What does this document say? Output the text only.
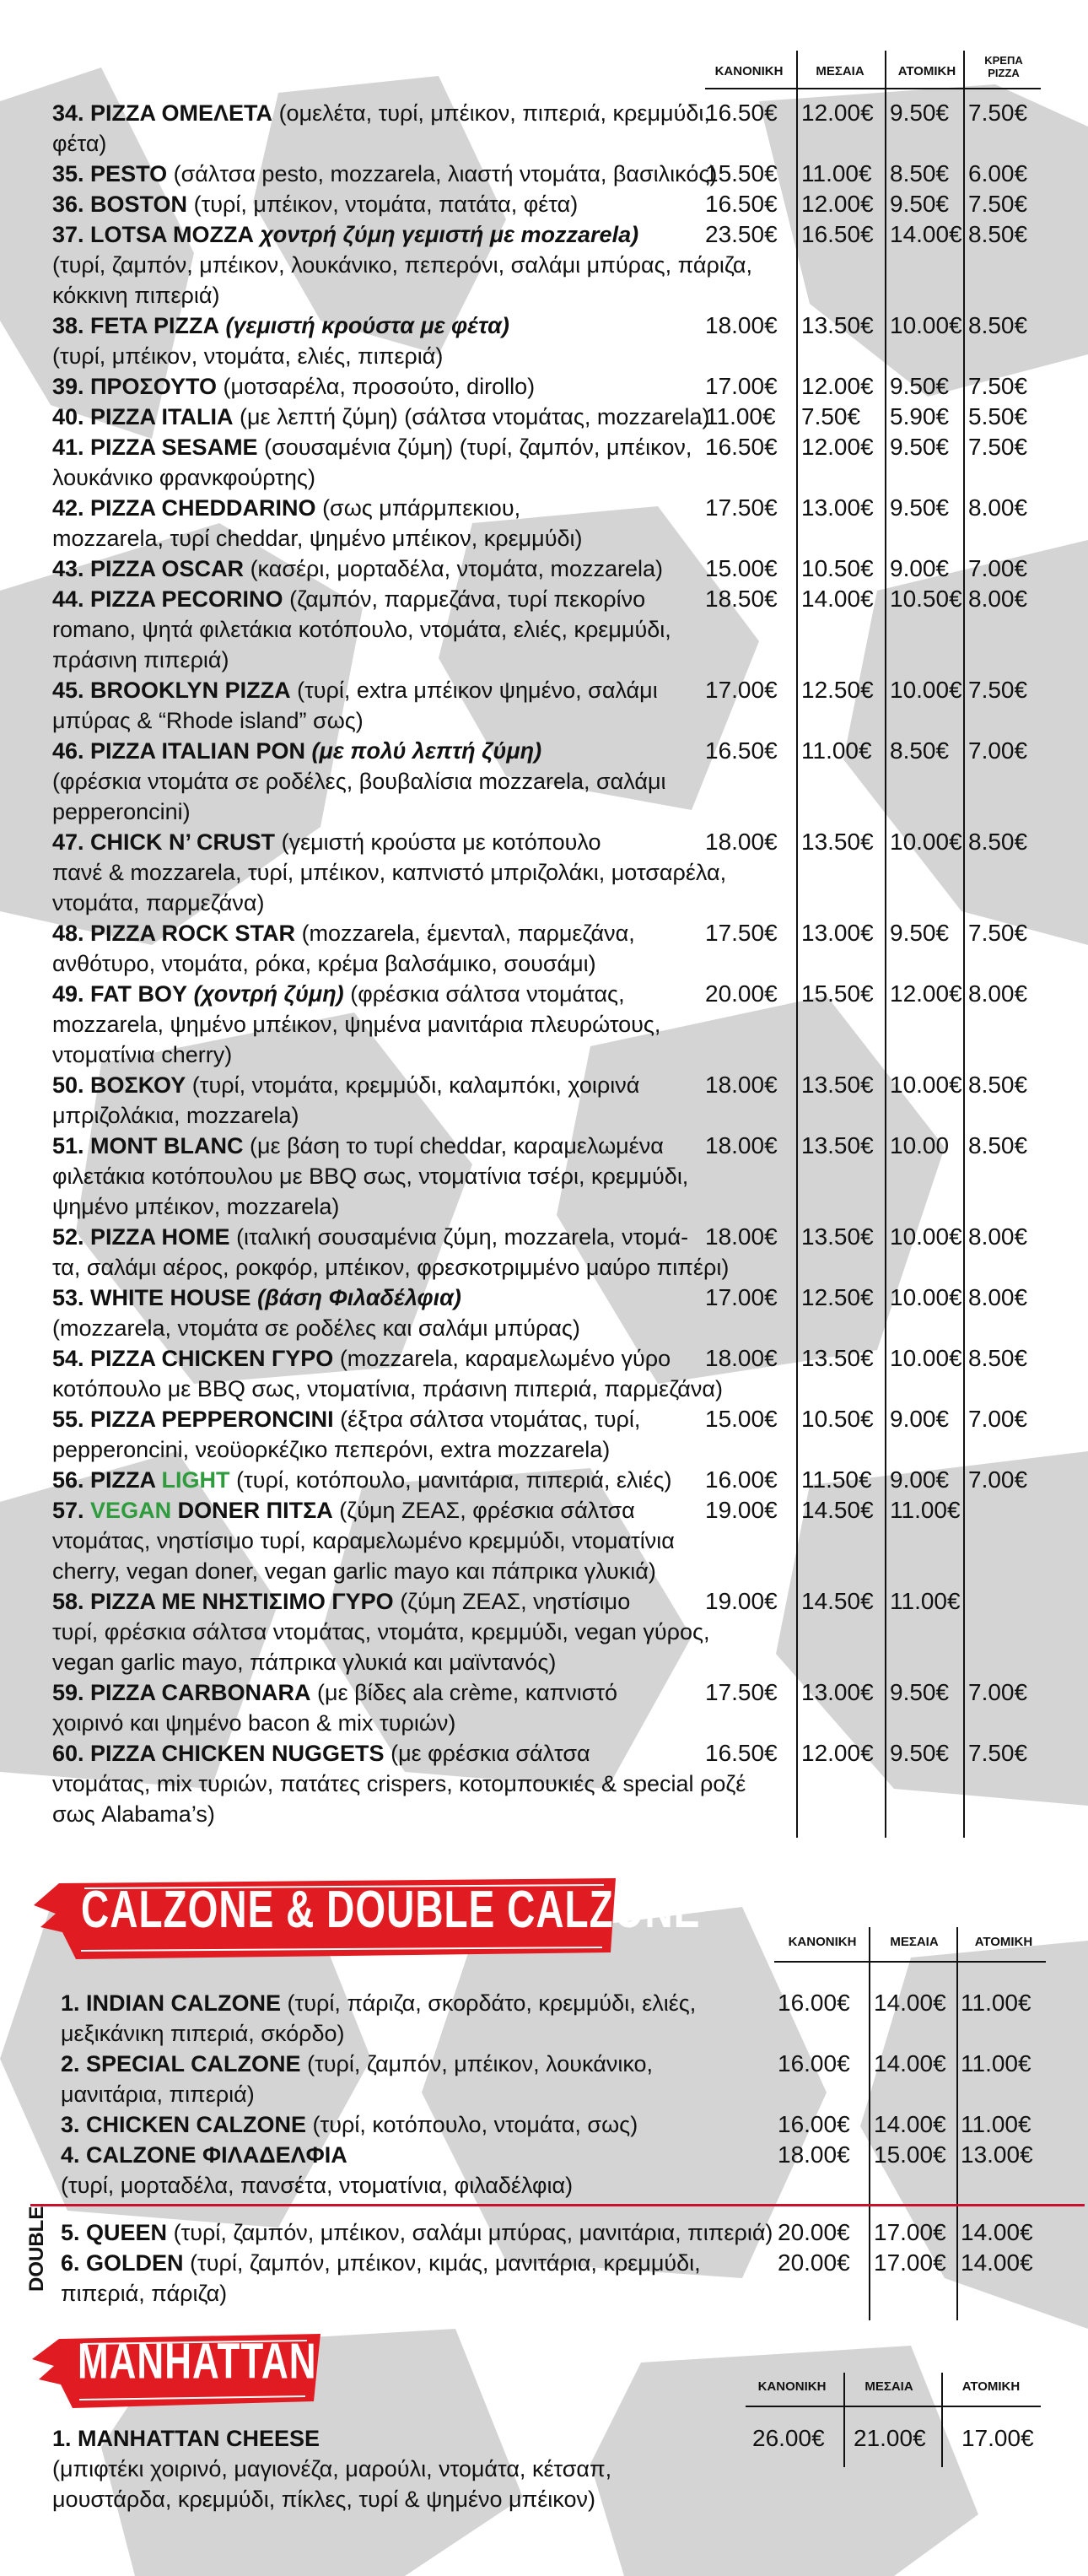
ΚΑΝΟΝΙΚΗ	ΜΕΣΑΙΑ	ΑΤΟΜΙΚΗ
ΚΡΕΠΑ
PIZZA
34. PIZZA ΟΜΕΛΕΤΑ (ομελέτα, τυρί, μπέικον, πιπεριά, κρεμμύδι,
φέτα)
16.50€ 12.00€ 9.50€ 7.50€
35. PESTO (σάλτσα pesto, mozzarela, λιαστή ντομάτα, βασιλικός)
15.50€ 11.00€ 8.50€ 6.00€
36. BOSTON (τυρί, μπέικον, ντομάτα, πατάτα, φέτα)	16.50€ 12.00€ 9.50€ 7.50€
37. LOTSA MOZZA χοντρή ζύμη γεμιστή με mozzarela)
(τυρί, ζαμπόν, μπέικον, λουκάνικο, πεπερόνι, σαλάμι μπύρας, πάριζα,
κόκκινη πιπεριά)
23.50€ 16.50€ 14.00€ 8.50€
38. FETA PIZZA (γεμιστή κρούστα με φέτα)
(τυρί, μπέικον, ντομάτα, ελιές, πιπεριά)
18.00€ 13.50€ 10.00€ 8.50€
39. ΠΡΟΣΟΥΤΟ (μοτσαρέλα, προσούτο, dirollo)	17.00€ 12.00€ 9.50€ 7.50€
40. PIZZA ITALIA (με λεπτή ζύμη) (σάλτσα ντομάτας, mozzarela)
11.00€ 7.50€ 5.90€ 5.50€
41. PIZZA SESAME (σουσαμένια ζύμη) (τυρί, ζαμπόν, μπέικον,
λουκάνικο φρανκφούρτης)
16.50€ 12.00€ 9.50€ 7.50€
42. PIZZA CHEDDARINO (σως μπάρμπεκιου,
mozzarela, τυρί cheddar, ψημένο μπέικον, κρεμμύδι)
17.50€ 13.00€ 9.50€ 8.00€
43. PIZZA OSCAR (κασέρι, μορταδέλα, ντομάτα, mozzarela) 15.00€ 10.50€ 9.00€ 7.00€
44. PIZZA PECORINO (ζαμπόν, παρμεζάνα, τυρί πεκορίνο
romano, ψητά φιλετάκια κοτόπουλο, ντομάτα, ελιές, κρεμμύδι,
πράσινη πιπεριά)
18.50€ 14.00€ 10.50€ 8.00€
45. BROOKLYN PIZZA (τυρί, extra μπέικον ψημένο, σαλάμι
μπύρας & “Rhode island” σως)
17.00€ 12.50€ 10.00€ 7.50€
46. PIZZA ITALIAN PON (με πολύ λεπτή ζύμη)
(φρέσκια ντομάτα σε ροδέλες, βουβαλίσια mozzarela, σαλάμι
pepperoncini)
16.50€ 11.00€ 8.50€ 7.00€
47. CHICK N’ CRUST (γεμιστή κρούστα με κοτόπουλο
πανέ & mozzarela, τυρί, μπέικον, καπνιστό μπριζολάκι, μοτσαρέλα,
ντομάτα, παρμεζάνα)
18.00€ 13.50€ 10.00€ 8.50€
48. PIZZA ROCK STAR (mozzarela, έμενταλ, παρμεζάνα,
ανθότυρο, ντομάτα, ρόκα, κρέμα βαλσάμικο, σουσάμι)
17.50€ 13.00€ 9.50€ 7.50€
49. FAT BOY (χοντρή ζύμη) (φρέσκια σάλτσα ντομάτας,
mozzarela, ψημένο μπέικον, ψημένα μανιτάρια πλευρώτους,
ντοματίνια cherry)
20.00€ 15.50€ 12.00€ 8.00€
50. ΒΟΣΚΟΥ (τυρί, ντομάτα, κρεμμύδι, καλαμπόκι, χοιρινά
μπριζολάκια, mozzarela)
18.00€ 13.50€ 10.00€ 8.50€
51. MONT BLANC (με βάση το τυρί cheddar, καραμελωμένα
φιλετάκια κοτόπουλου με BBQ σως, ντοματίνια τσέρι, κρεμμύδι,
ψημένο μπέικον, mozzarela)
18.00€ 13.50€ 10.00 8.50€
52. PIZZA HOME (ιταλική σουσαμένια ζύμη, mozzarela, ντομά-
τα, σαλάμι αέρος, ροκφόρ, μπέικον, φρεσκοτριμμένο μαύρο πιπέρι)
18.00€ 13.50€ 10.00€ 8.00€
53. WHITE HOUSE (βάση Φιλαδέλφια)
(mozzarela, ντομάτα σε ροδέλες και σαλάμι μπύρας)
17.00€ 12.50€ 10.00€ 8.00€
54. PIZZA CHICKEN ΓΥΡΟ (mozzarela, καραμελωμένο γύρο
κοτόπουλο με BBQ σως, ντοματίνια, πράσινη πιπεριά, παρμεζάνα)
18.00€ 13.50€ 10.00€ 8.50€
55. PIZZA PEPPERONCINI (έξτρα σάλτσα ντομάτας, τυρί,
pepperoncini, νεοϋορκέζικο πεπερόνι, extra mozzarela)
15.00€ 10.50€ 9.00€ 7.00€
56. PIZZA LIGHT (τυρί, κοτόπουλο, μανιτάρια, πιπεριά, ελιές) 16.00€ 11.50€ 9.00€ 7.00€
57. VEGAN DONER ΠΙΤΣΑ (ζύμη ΖΕΑΣ, φρέσκια σάλτσα
ντομάτας, νηστίσιμο τυρί, καραμελωμένο κρεμμύδι, ντοματίνια
cherry, vegan doner, vegan garlic mayo και πάπρικα γλυκιά)
19.00€ 14.50€ 11.00€
58. PIZZA ΜΕ ΝΗΣΤΙΣΙΜΟ ΓΥΡΟ (ζύμη ΖΕΑΣ, νηστίσιμο
τυρί, φρέσκια σάλτσα ντομάτας, ντομάτα, κρεμμύδι, vegan γύρος,
vegan garlic mayo, πάπρικα γλυκιά και μαϊντανός)
19.00€ 14.50€ 11.00€
59. PIZZA CARBONARA (με βίδες ala crème, καπνιστό
χοιρινό και ψημένο bacon & mix τυριών)
17.50€ 13.00€ 9.50€ 7.00€
60. PIZZA CHICKEN NUGGETS (με φρέσκια σάλτσα
ντομάτας, mix τυριών, πατάτες crispers, κοτομπουκιές & special ροζέ
σως Alabama’s)
16.50€ 12.00€ 9.50€ 7.50€
CALZONE & DOUBLE CALZONE
ΚΑΝΟΝΙΚΗ	ΜΕΣΑΙΑ	ΑΤΟΜΙΚΗ
DOUBLE
1. INDIAN CALZONE (τυρί, πάριζα, σκορδάτο, κρεμμύδι, ελιές,
μεξικάνικη πιπεριά, σκόρδο)
16.00€ 14.00€ 11.00€
2. SPECIAL CALZONE (τυρί, ζαμπόν, μπέικον, λουκάνικο,
μανιτάρια, πιπεριά)
16.00€ 14.00€ 11.00€
3. CHICKEN CALZONE (τυρί, κοτόπουλο, ντομάτα, σως)	16.00€ 14.00€ 11.00€
4. CALZONE ΦΙΛΑΔΕΛΦΙΑ
(τυρί, μορταδέλα, πανσέτα, ντοματίνια, φιλαδέλφια)
18.00€ 15.00€ 13.00€
5. QUEEN (τυρί, ζαμπόν, μπέικον, σαλάμι μπύρας, μανιτάρια, πιπεριά) 20.00€ 17.00€ 14.00€
6. GOLDEN (τυρί, ζαμπόν, μπέικον, κιμάς, μανιτάρια, κρεμμύδι,
πιπεριά, πάριζα)
20.00€ 17.00€ 14.00€
MANHATTAN	ΚΑΝΟΝΙΚΗ	ΜΕΣΑΙΑ	ΑΤΟΜΙΚΗ
1. MANHATTAN CHEESE
(μπιφτέκι χοιρινό, μαγιονέζα, μαρούλι, ντομάτα, κέτσαπ,
μουστάρδα, κρεμμύδι, πίκλες, τυρί & ψημένο μπέικον)
26.00€ 21.00€ 17.00€
